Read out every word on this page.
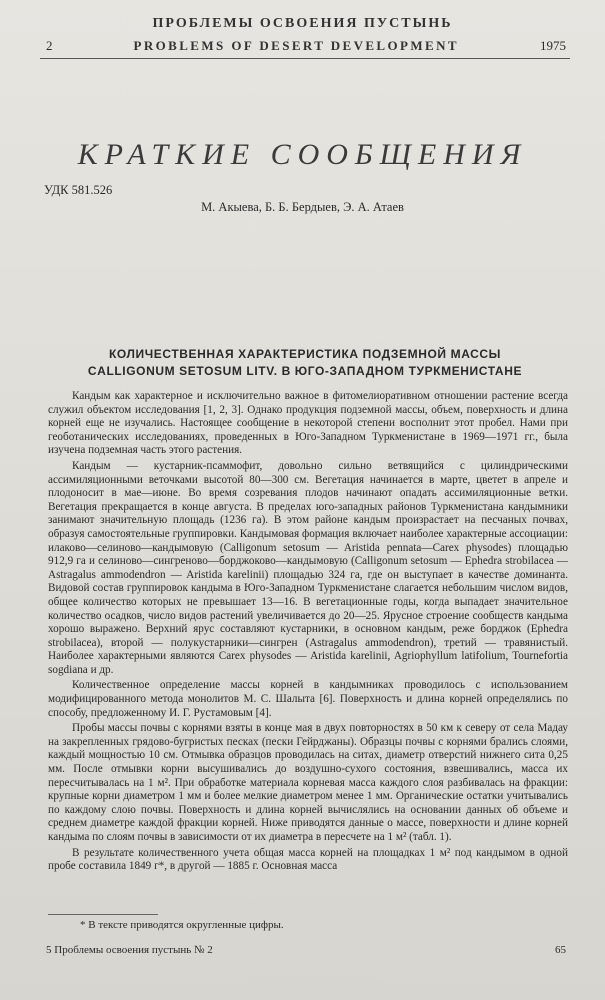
ПРОБЛЕМЫ ОСВОЕНИЯ ПУСТЫНЬ
2	PROBLEMS OF DESERT DEVELOPMENT	1975
КРАТКИЕ СООБЩЕНИЯ
УДК 581.526
М. Акыева, Б. Б. Бердыев, Э. А. Атаев
КОЛИЧЕСТВЕННАЯ ХАРАКТЕРИСТИКА ПОДЗЕМНОЙ МАССЫ
CALLIGONUM SETOSUM LITV. В ЮГО-ЗАПАДНОМ ТУРКМЕНИСТАНЕ

Кандым как характерное и исключительно важное в фитомелиоративном отношении растение всегда служил объектом исследования [1, 2, 3]. Однако продукция подземной массы, объем, поверхность и длина корней еще не изучались. Настоящее сообщение в некоторой степени восполнит этот пробел. Нами при геоботанических исследованиях, проведенных в Юго-Западном Туркменистане в 1969—1971 гг., была изучена подземная часть этого растения.

Кандым — кустарник-псаммофит, довольно сильно ветвящийся с цилиндрическими ассимиляционными веточками высотой 80—300 см. Вегетация начинается в марте, цветет в апреле и плодоносит в мае—июне. Во время созревания плодов начинают опадать ассимиляционные ветки. Вегетация прекращается в конце августа. В пределах юго-западных районов Туркменистана кандымники занимают значительную площадь (1236 га). В этом районе кандым произрастает на песчаных почвах, образуя самостоятельные группировки. Кандымовая формация включает наиболее характерные ассоциации: илаково—селиново—кандымовую (Calligonum setosum — Aristida pennata—Carex physodes) площадью 912,9 га и селиново—сингреново—борджоково—кандымовую (Calligonum setosum — Ephedra strobilacea — Astragalus ammodendron — Aristida karelinii) площадью 324 га, где он выступает в качестве доминанта. Видовой состав группировок кандыма в Юго-Западном Туркменистане слагается небольшим числом видов, общее количество которых не превышает 13—16. В вегетационные годы, когда выпадает значительное количество осадков, число видов растений увеличивается до 20—25. Ярусное строение сообществ кандыма хорошо выражено. Верхний ярус составляют кустарники, в основном кандым, реже борджок (Ephedra strobilacea), второй — полукустарники—сингрен (Astragalus ammodendron), третий — травянистый. Наиболее характерными являются Carex physodes — Aristida karelinii, Agriophyllum latifolium, Tournefortia sogdiana и др.

Количественное определение массы корней в кандымниках проводилось с использованием модифицированного метода монолитов М. С. Шалыта [6]. Поверхность и длина корней определялись по способу, предложенному И. Г. Рустамовым [4].

Пробы массы почвы с корнями взяты в конце мая в двух повторностях в 50 км к северу от села Мадау на закрепленных грядово-бугристых песках (пески Гейрджаны). Образцы почвы с корнями брались слоями, каждый мощностью 10 см. Отмывка образцов проводилась на ситах, диаметр отверстий нижнего сита 0,25 мм. После отмывки корни высушивались до воздушно-сухого состояния, взвешивались, масса их пересчитывалась на 1 м². При обработке материала корневая масса каждого слоя разбивалась на фракции: крупные корни диаметром 1 мм и более мелкие диаметром менее 1 мм. Органические остатки учитывались по каждому слою почвы. Поверхность и длина корней вычислялись на основании данных об объеме и среднем диаметре каждой фракции корней. Ниже приводятся данные о массе, поверхности и длине корней кандыма по слоям почвы в зависимости от их диаметра в пересчете на 1 м² (табл. 1).

В результате количественного учета общая масса корней на площадках 1 м² под кандымом в одной пробе составила 1849 г*, в другой — 1885 г. Основная масса

* В тексте приводятся округленные цифры.
5 Проблемы освоения пустынь № 2	65
